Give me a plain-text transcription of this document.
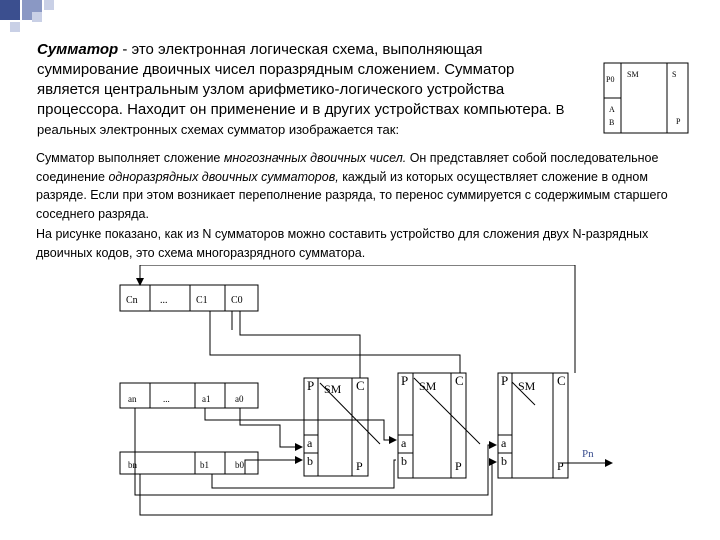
Сумматор - это электронная логическая схема, выполняющая суммирование двоичных чисел поразрядным сложением. Сумматор является центральным узлом арифметико-логического устройства процессора. Находит он применение и в других устройствах компьютера. В реальных электронных схемах сумматор изображается так:

P0
SM	S
A
B	P

Сумматор выполняет сложение многозначных двоичных чисел. Он представляет собой последовательное соединение одноразрядных двоичных сумматоров, каждый из которых осуществляет сложение в одном разряде. Если при этом возникает переполнение разряда, то перенос суммируется с содержимым старшего соседнего разряда.

На рисунке показано, как из N сумматоров можно составить устройство для сложения двух N-разрядных двоичных кодов, это схема многоразрядного сумматора.

Cn ...	C1 C0
an	...	a1	a0
bn	b1	b0
P SM C
a
b	P
P SM C
a
b	P
P SM C
a
b	P
Pn
